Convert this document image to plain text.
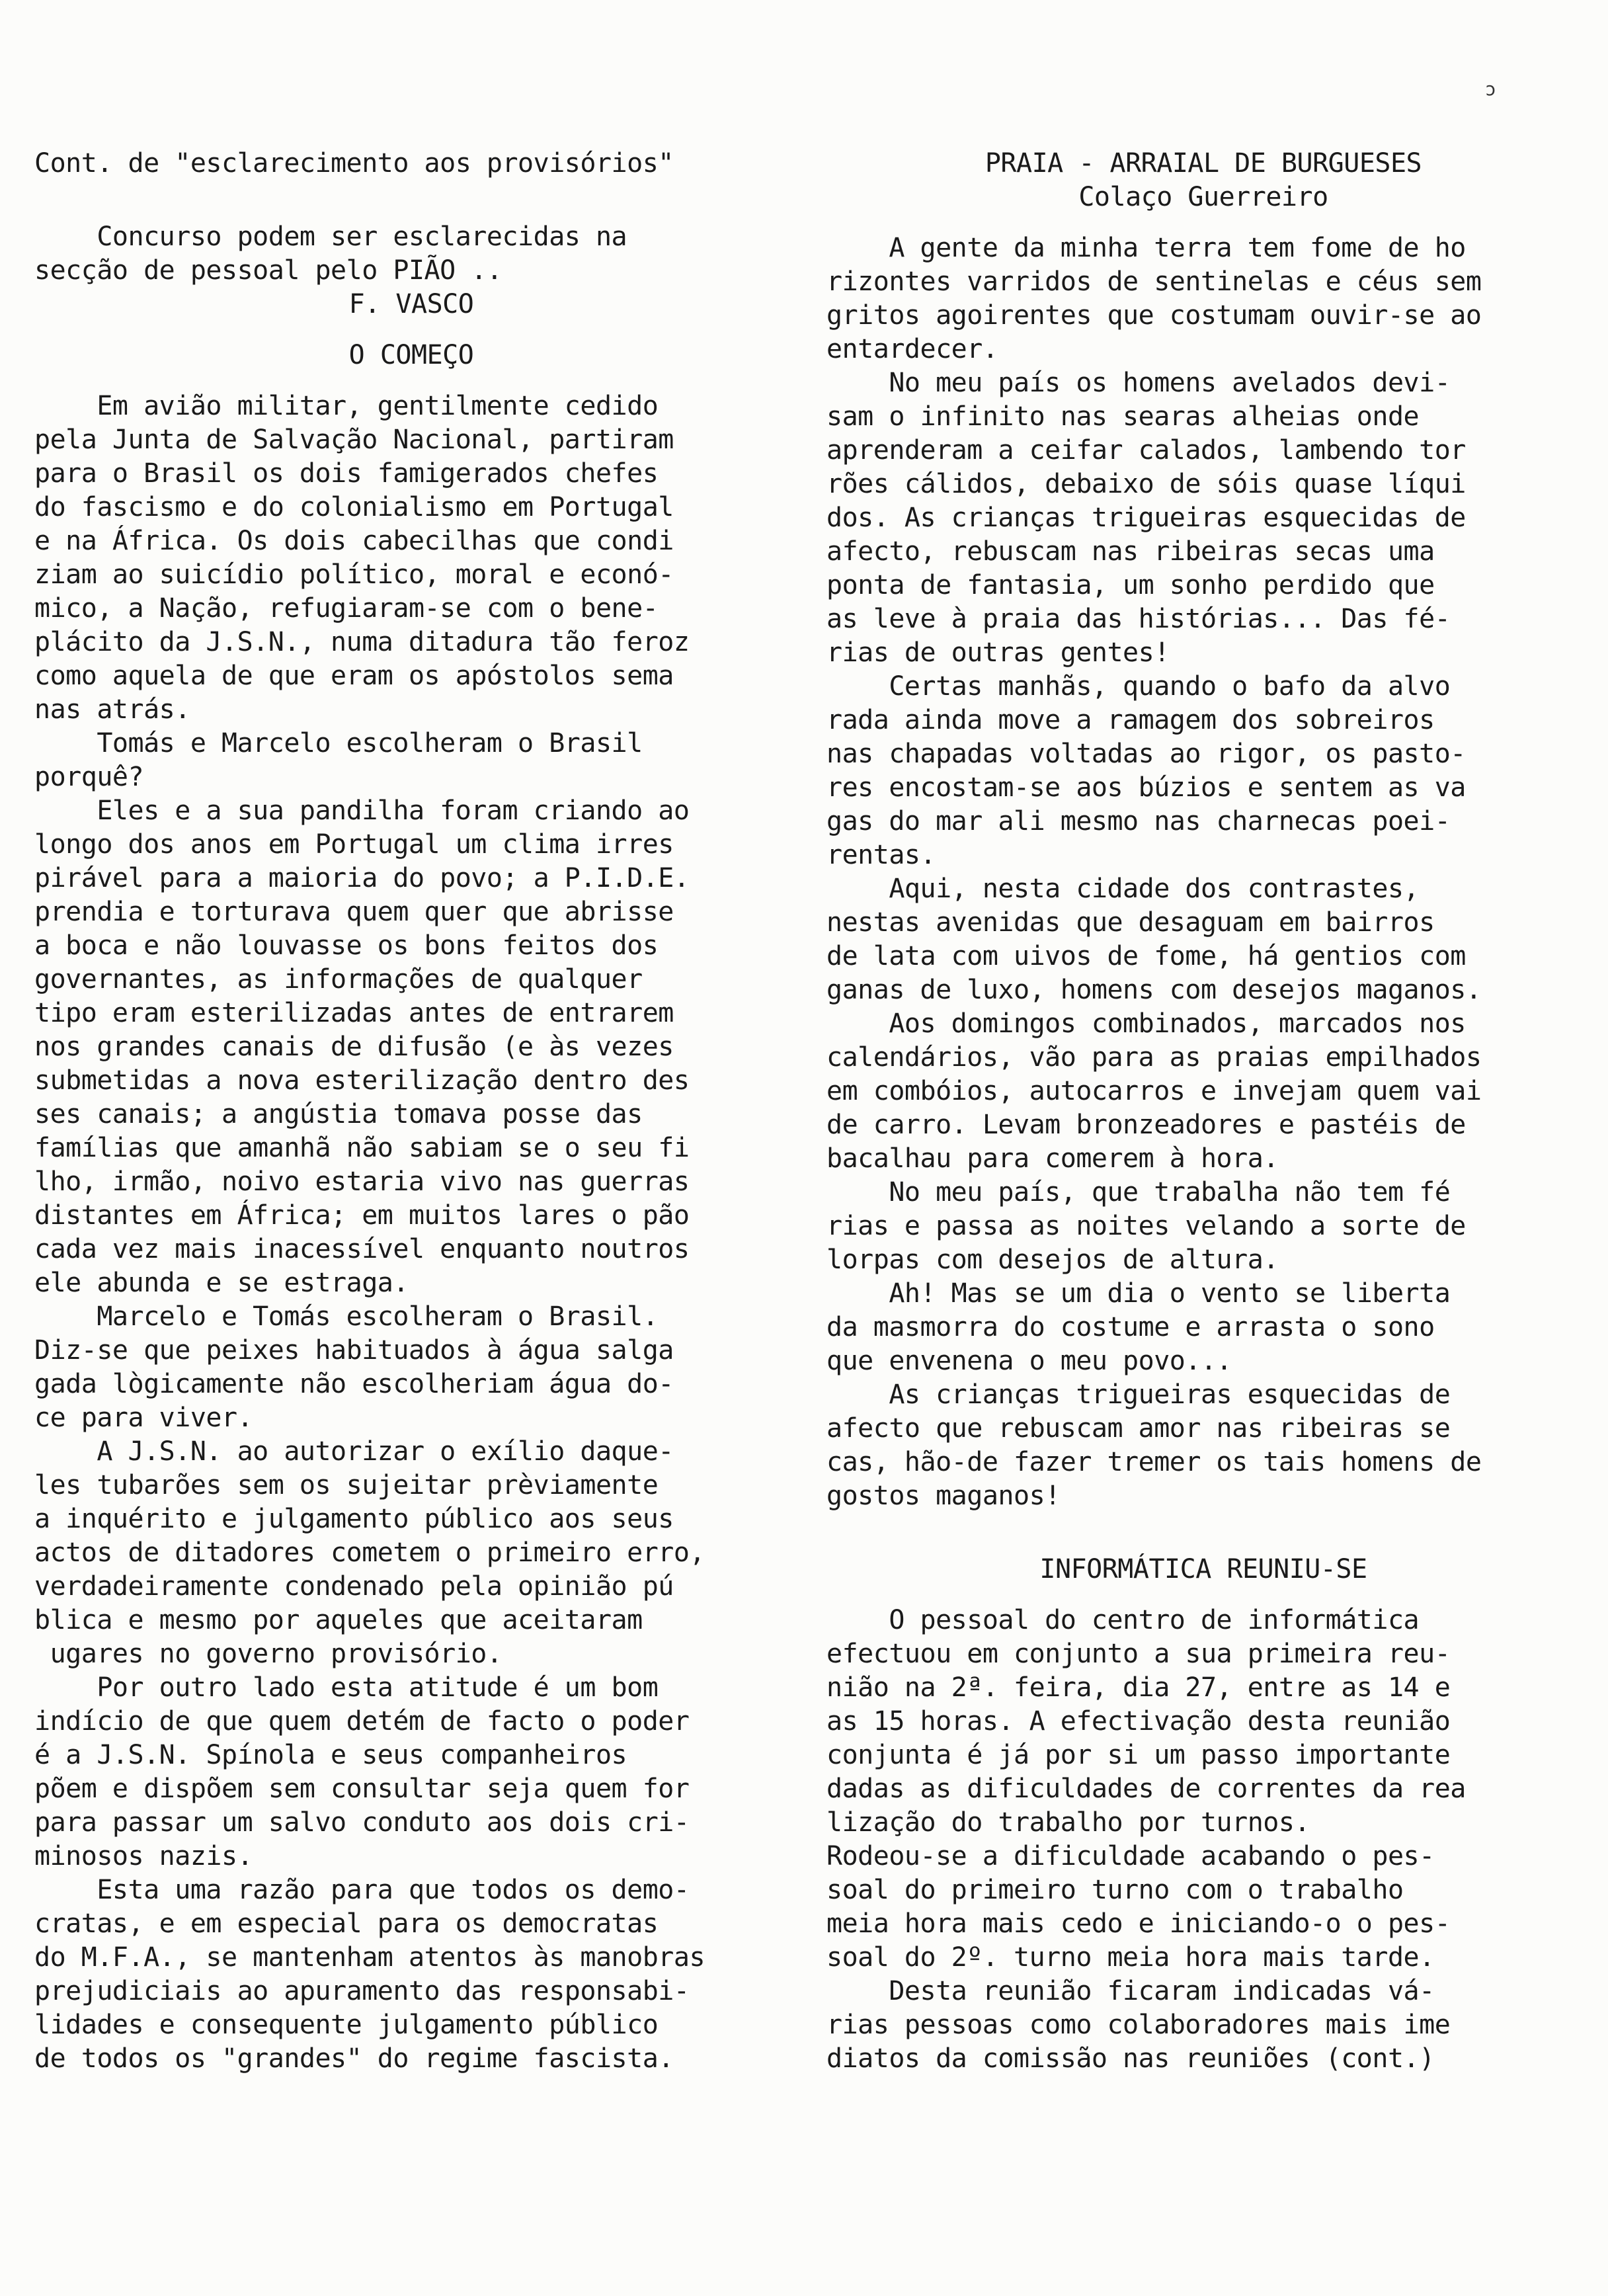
ɔ
Cont. de "esclarecimento aos provisórios"
Concurso podem ser esclarecidas na
secção de pessoal pelo PIÃO ..
F. VASCO
O COMEÇO
Em avião militar, gentilmente cedido
pela Junta de Salvação Nacional, partiram
para o Brasil os dois famigerados chefes
do fascismo e do colonialismo em Portugal
e na África. Os dois cabecilhas que condi
ziam ao suicídio político, moral e econó-
mico, a Nação, refugiaram-se com o bene-
plácito da J.S.N., numa ditadura tão feroz
como aquela de que eram os apóstolos sema
nas atrás.
Tomás e Marcelo escolheram o Brasil
porquê?
Eles e a sua pandilha foram criando ao
longo dos anos em Portugal um clima irres
pirável para a maioria do povo; a P.I.D.E.
prendia e torturava quem quer que abrisse
a boca e não louvasse os bons feitos dos
governantes, as informações de qualquer
tipo eram esterilizadas antes de entrarem
nos grandes canais de difusão (e às vezes
submetidas a nova esterilização dentro des
ses canais; a angústia tomava posse das
famílias que amanhã não sabiam se o seu fi
lho, irmão, noivo estaria vivo nas guerras
distantes em África; em muitos lares o pão
cada vez mais inacessível enquanto noutros
ele abunda e se estraga.
Marcelo e Tomás escolheram o Brasil.
Diz-se que peixes habituados à água salga
gada lògicamente não escolheriam água do-
ce para viver.
A J.S.N. ao autorizar o exílio daque-
les tubarões sem os sujeitar prèviamente
a inquérito e julgamento público aos seus
actos de ditadores cometem o primeiro erro,
verdadeiramente condenado pela opinião pú
blica e mesmo por aqueles que aceitaram
ugares no governo provisório.
Por outro lado esta atitude é um bom
indício de que quem detém de facto o poder
é a J.S.N. Spínola e seus companheiros
põem e dispõem sem consultar seja quem for
para passar um salvo conduto aos dois cri-
minosos nazis.
Esta uma razão para que todos os demo-
cratas, e em especial para os democratas
do M.F.A., se mantenham atentos às manobras
prejudiciais ao apuramento das responsabi-
lidades e consequente julgamento público
de todos os "grandes" do regime fascista.
PRAIA - ARRAIAL DE BURGUESES
Colaço Guerreiro
A gente da minha terra tem fome de ho
rizontes varridos de sentinelas e céus sem
gritos agoirentes que costumam ouvir-se ao
entardecer.
No meu país os homens avelados devi-
sam o infinito nas searas alheias onde
aprenderam a ceifar calados, lambendo tor
rões cálidos, debaixo de sóis quase líqui
dos. As crianças trigueiras esquecidas de
afecto, rebuscam nas ribeiras secas uma
ponta de fantasia, um sonho perdido que
as leve à praia das histórias... Das fé-
rias de outras gentes!
Certas manhãs, quando o bafo da alvo
rada ainda move a ramagem dos sobreiros
nas chapadas voltadas ao rigor, os pasto-
res encostam-se aos búzios e sentem as va
gas do mar ali mesmo nas charnecas poei-
rentas.
Aqui, nesta cidade dos contrastes,
nestas avenidas que desaguam em bairros
de lata com uivos de fome, há gentios com
ganas de luxo, homens com desejos maganos.
Aos domingos combinados, marcados nos
calendários, vão para as praias empilhados
em combóios, autocarros e invejam quem vai
de carro. Levam bronzeadores e pastéis de
bacalhau para comerem à hora.
No meu país, que trabalha não tem fé
rias e passa as noites velando a sorte de
lorpas com desejos de altura.
Ah! Mas se um dia o vento se liberta
da masmorra do costume e arrasta o sono
que envenena o meu povo...
As crianças trigueiras esquecidas de
afecto que rebuscam amor nas ribeiras se
cas, hão-de fazer tremer os tais homens de
gostos maganos!
INFORMÁTICA REUNIU-SE
O pessoal do centro de informática
efectuou em conjunto a sua primeira reu-
nião na 2ª. feira, dia 27, entre as 14 e
as 15 horas. A efectivação desta reunião
conjunta é já por si um passo importante
dadas as dificuldades de correntes da rea
lização do trabalho por turnos.
Rodeou-se a dificuldade acabando o pes-
soal do primeiro turno com o trabalho
meia hora mais cedo e iniciando-o o pes-
soal do 2º. turno meia hora mais tarde.
Desta reunião ficaram indicadas vá-
rias pessoas como colaboradores mais ime
diatos da comissão nas reuniões (cont.)
